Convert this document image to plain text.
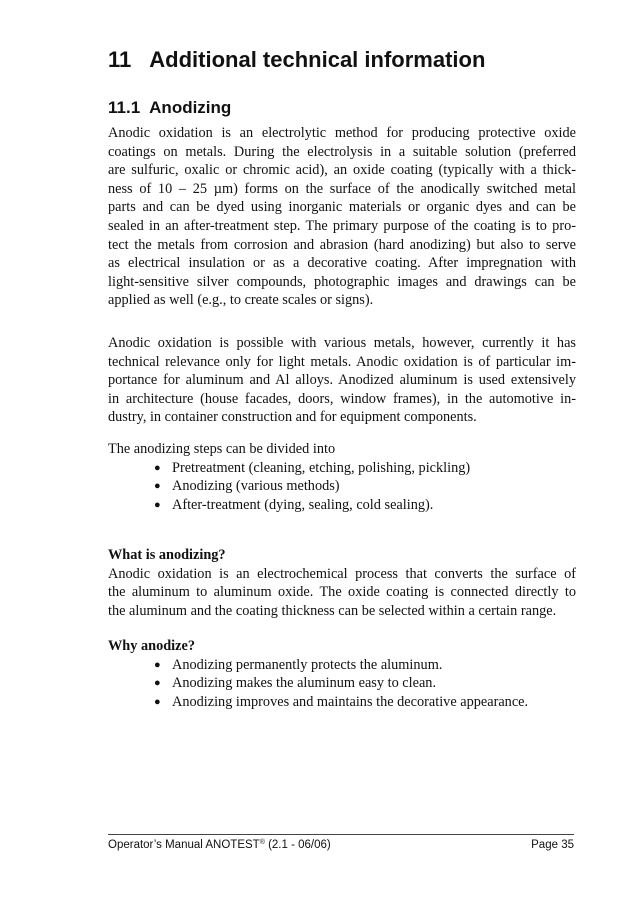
11 Additional technical information
11.1 Anodizing

Anodic oxidation is an electrolytic method for producing protective oxide
coatings on metals. During the electrolysis in a suitable solution (preferred
are sulfuric, oxalic or chromic acid), an oxide coating (typically with a thick-
ness of 10 – 25 µm) forms on the surface of the anodically switched metal
parts and can be dyed using inorganic materials or organic dyes and can be
sealed in an after-treatment step. The primary purpose of the coating is to pro-
tect the metals from corrosion and abrasion (hard anodizing) but also to serve
as electrical insulation or as a decorative coating. After impregnation with
light-sensitive silver compounds, photographic images and drawings can be
applied as well (e.g., to create scales or signs).

Anodic oxidation is possible with various metals, however, currently it has
technical relevance only for light metals. Anodic oxidation is of particular im-
portance for aluminum and Al alloys. Anodized aluminum is used extensively
in architecture (house facades, doors, window frames), in the automotive in-
dustry, in container construction and for equipment components.

The anodizing steps can be divided into
● Pretreatment (cleaning, etching, polishing, pickling)
● Anodizing (various methods)
● After-treatment (dying, sealing, cold sealing).
What is anodizing?

Anodic oxidation is an electrochemical process that converts the surface of
the aluminum to aluminum oxide. The oxide coating is connected directly to
the aluminum and the coating thickness can be selected within a certain range.

Why anodize?
● Anodizing permanently protects the aluminum.
● Anodizing makes the aluminum easy to clean.
● Anodizing improves and maintains the decorative appearance.
Operator’s Manual ANOTEST® (2.1 - 06/06)	Page 35
